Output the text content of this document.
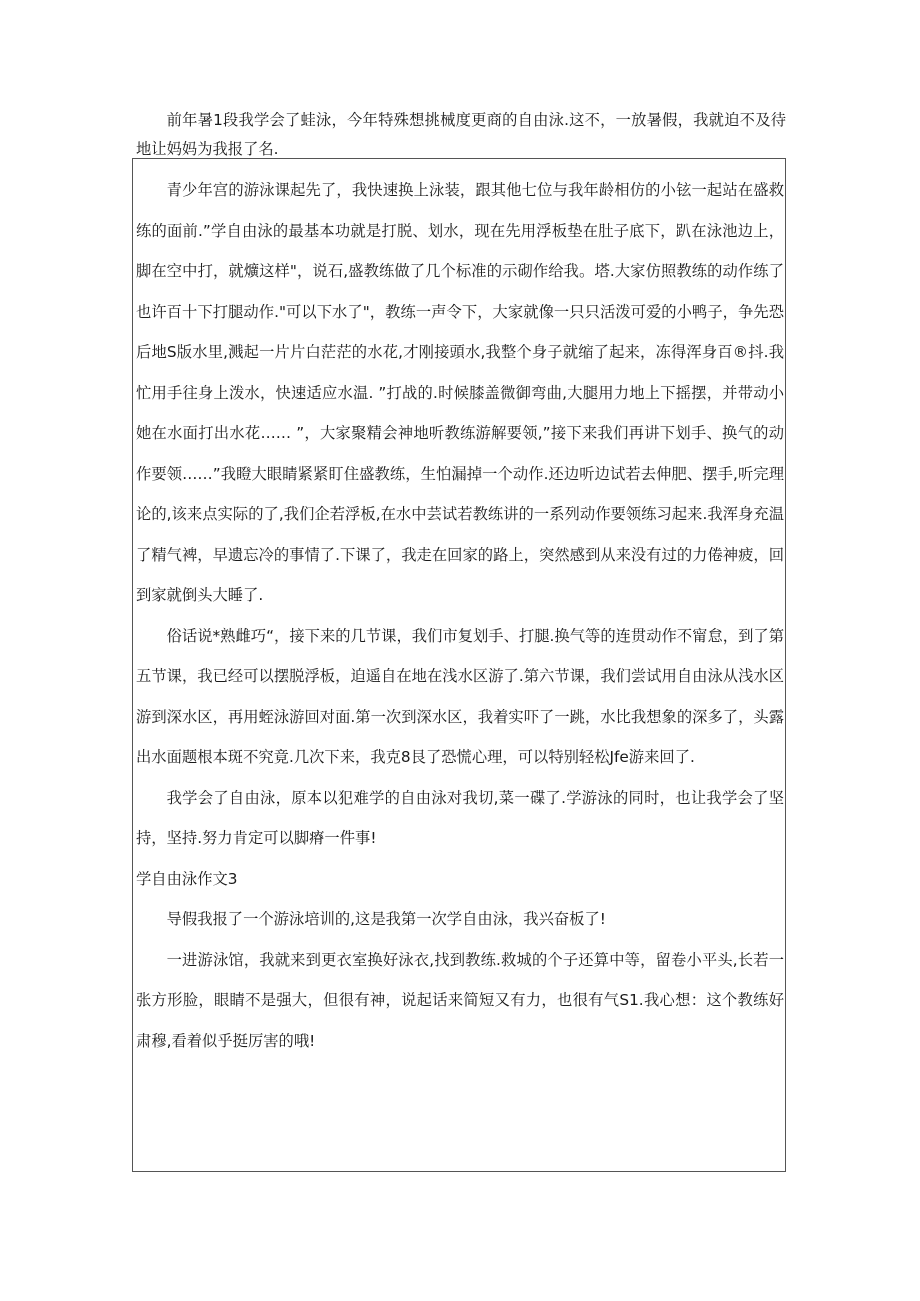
前年暑1段我学会了蛙泳，今年特殊想挑械度更商的自由泳.这不，一放暑假，我就迫不及待地让妈妈为我报了名.

青少年宫的游泳课起先了，我快速换上泳装，跟其他七位与我年龄相仿的小铉一起站在盛救练的面前.”学自由泳的最基本功就是打脱、划水，现在先用浮板垫在肚子底下，趴在泳池边上，脚在空中打，就爌这样"，说石,盛教练做了几个标准的示砌作给我。塔.大家仿照教练的动作练了也许百十下打腿动作."可以下水了"，教练一声令下，大家就像一只只活泼可爱的小鸭子，争先恐后地S版水里,溅起一片片白茫茫的水花,才刚接頭水,我整个身子就缩了起来，冻得浑身百®抖.我忙用手往身上泼水，快速适应水温. ”打战的.时候膝盖微御弯曲,大腿用力地上下摇摆，并带动小她在水面打出水花…… ”，大家聚精会神地听教练游解要领,”接下来我们再讲下划手、换气的动作要领……”我瞪大眼睛紧紧盯住盛教练，生怕漏掉一个动作.还边听边试若去伸肥、摆手,听完理论的,该来点实际的了,我们企若浮板,在水中芸试若教练讲的一系列动作要领练习起来.我浑身充温了精气裨，早遗忘冷的事情了.下课了，我走在回家的路上，突然感到从来没有过的力倦神疲，回到家就倒头大睡了.

俗话说*熟雌巧“，接下来的几节课，我们市复划手、打腿.换气等的连贯动作不甯怠，到了第五节课，我已经可以摆脱浮板，迫遥自在地在浅水区游了.第六节课，我们尝试用自由泳从浅水区游到深水区，再用蛭泳游回对面.第一次到深水区，我着实吓了一跳，水比我想象的深多了，头露出水面题根本斑不究竟.几次下来，我克8艮了恐慌心理，可以特别轻松Jfe游来回了.

我学会了自由泳，原本以犯难学的自由泳对我切,菜一碟了.学游泳的同时，也让我学会了坚持，坚持.努力肯定可以脚瘠一件事!

学自由泳作文3

导假我报了一个游泳培训的,这是我第一次学自由泳，我兴奋板了!

一进游泳馆，我就来到更衣室换好泳衣,找到教练.救城的个子还算中等，留卷小平头,长若一张方形脸，眼睛不是强大，但很有神，说起话来简短又有力，也很有气S1.我心想：这个教练好肃穆,看着似乎挺厉害的哦!
